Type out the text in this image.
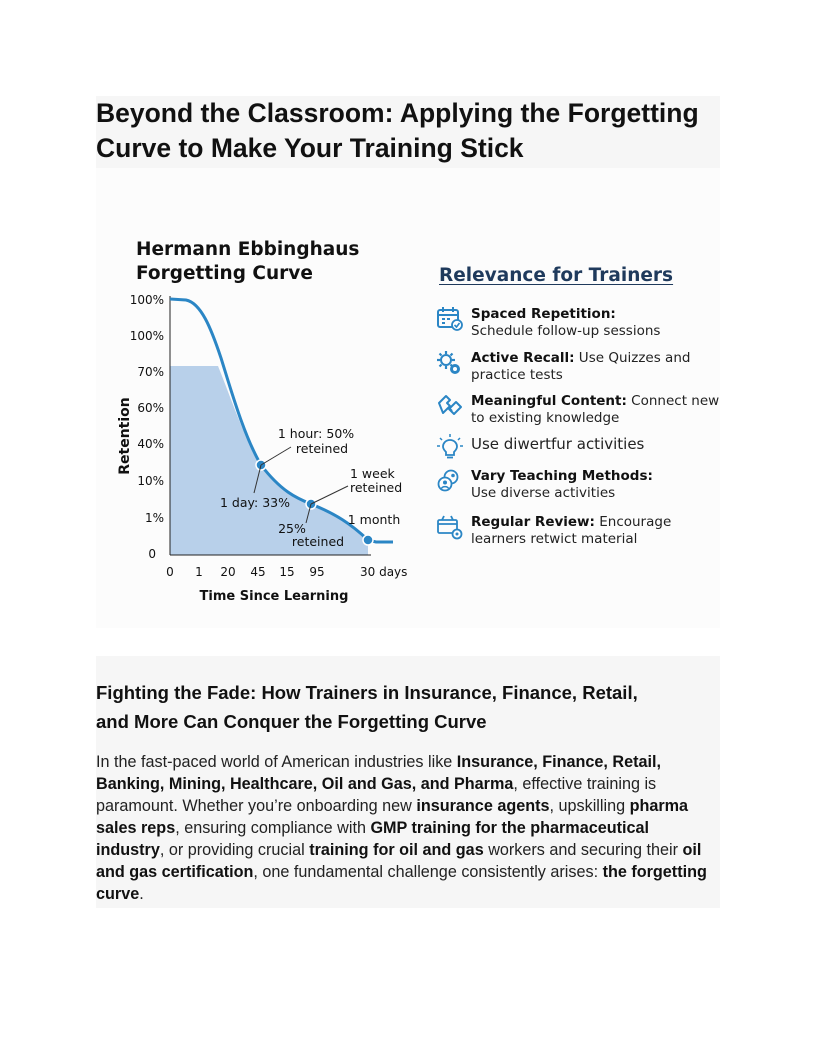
Beyond the Classroom: Applying the Forgetting
Curve to Make Your Training Stick
Hermann Ebbinghaus
Forgetting Curve
100%
100%
70%
60%
40%
10%
1%
0
0 1 20 45 15 95	30 days
Retention
Time Since Learning
1 hour: 50%
reteined
1 day: 33%
1 week
reteined
25%
reteined
1 month
Relevance for Trainers
Spaced Repetition:
Schedule follow-up sessions
Active Recall: Use Quizzes and practice tests
Meaningful Content: Connect new to existing knowledge
Use diwertfur activities
Vary Teaching Methods:
Use diverse activities
Regular Review: Encourage learners retwict material
Fighting the Fade: How Trainers in Insurance, Finance, Retail,
and More Can Conquer the Forgetting Curve

In the fast-paced world of American industries like Insurance, Finance, Retail, Banking, Mining, Healthcare, Oil and Gas, and Pharma, effective training is paramount. Whether you’re onboarding new insurance agents, upskilling pharma sales reps, ensuring compliance with GMP training for the pharmaceutical industry, or providing crucial training for oil and gas workers and securing their oil and gas certification, one fundamental challenge consistently arises: the forgetting curve.
